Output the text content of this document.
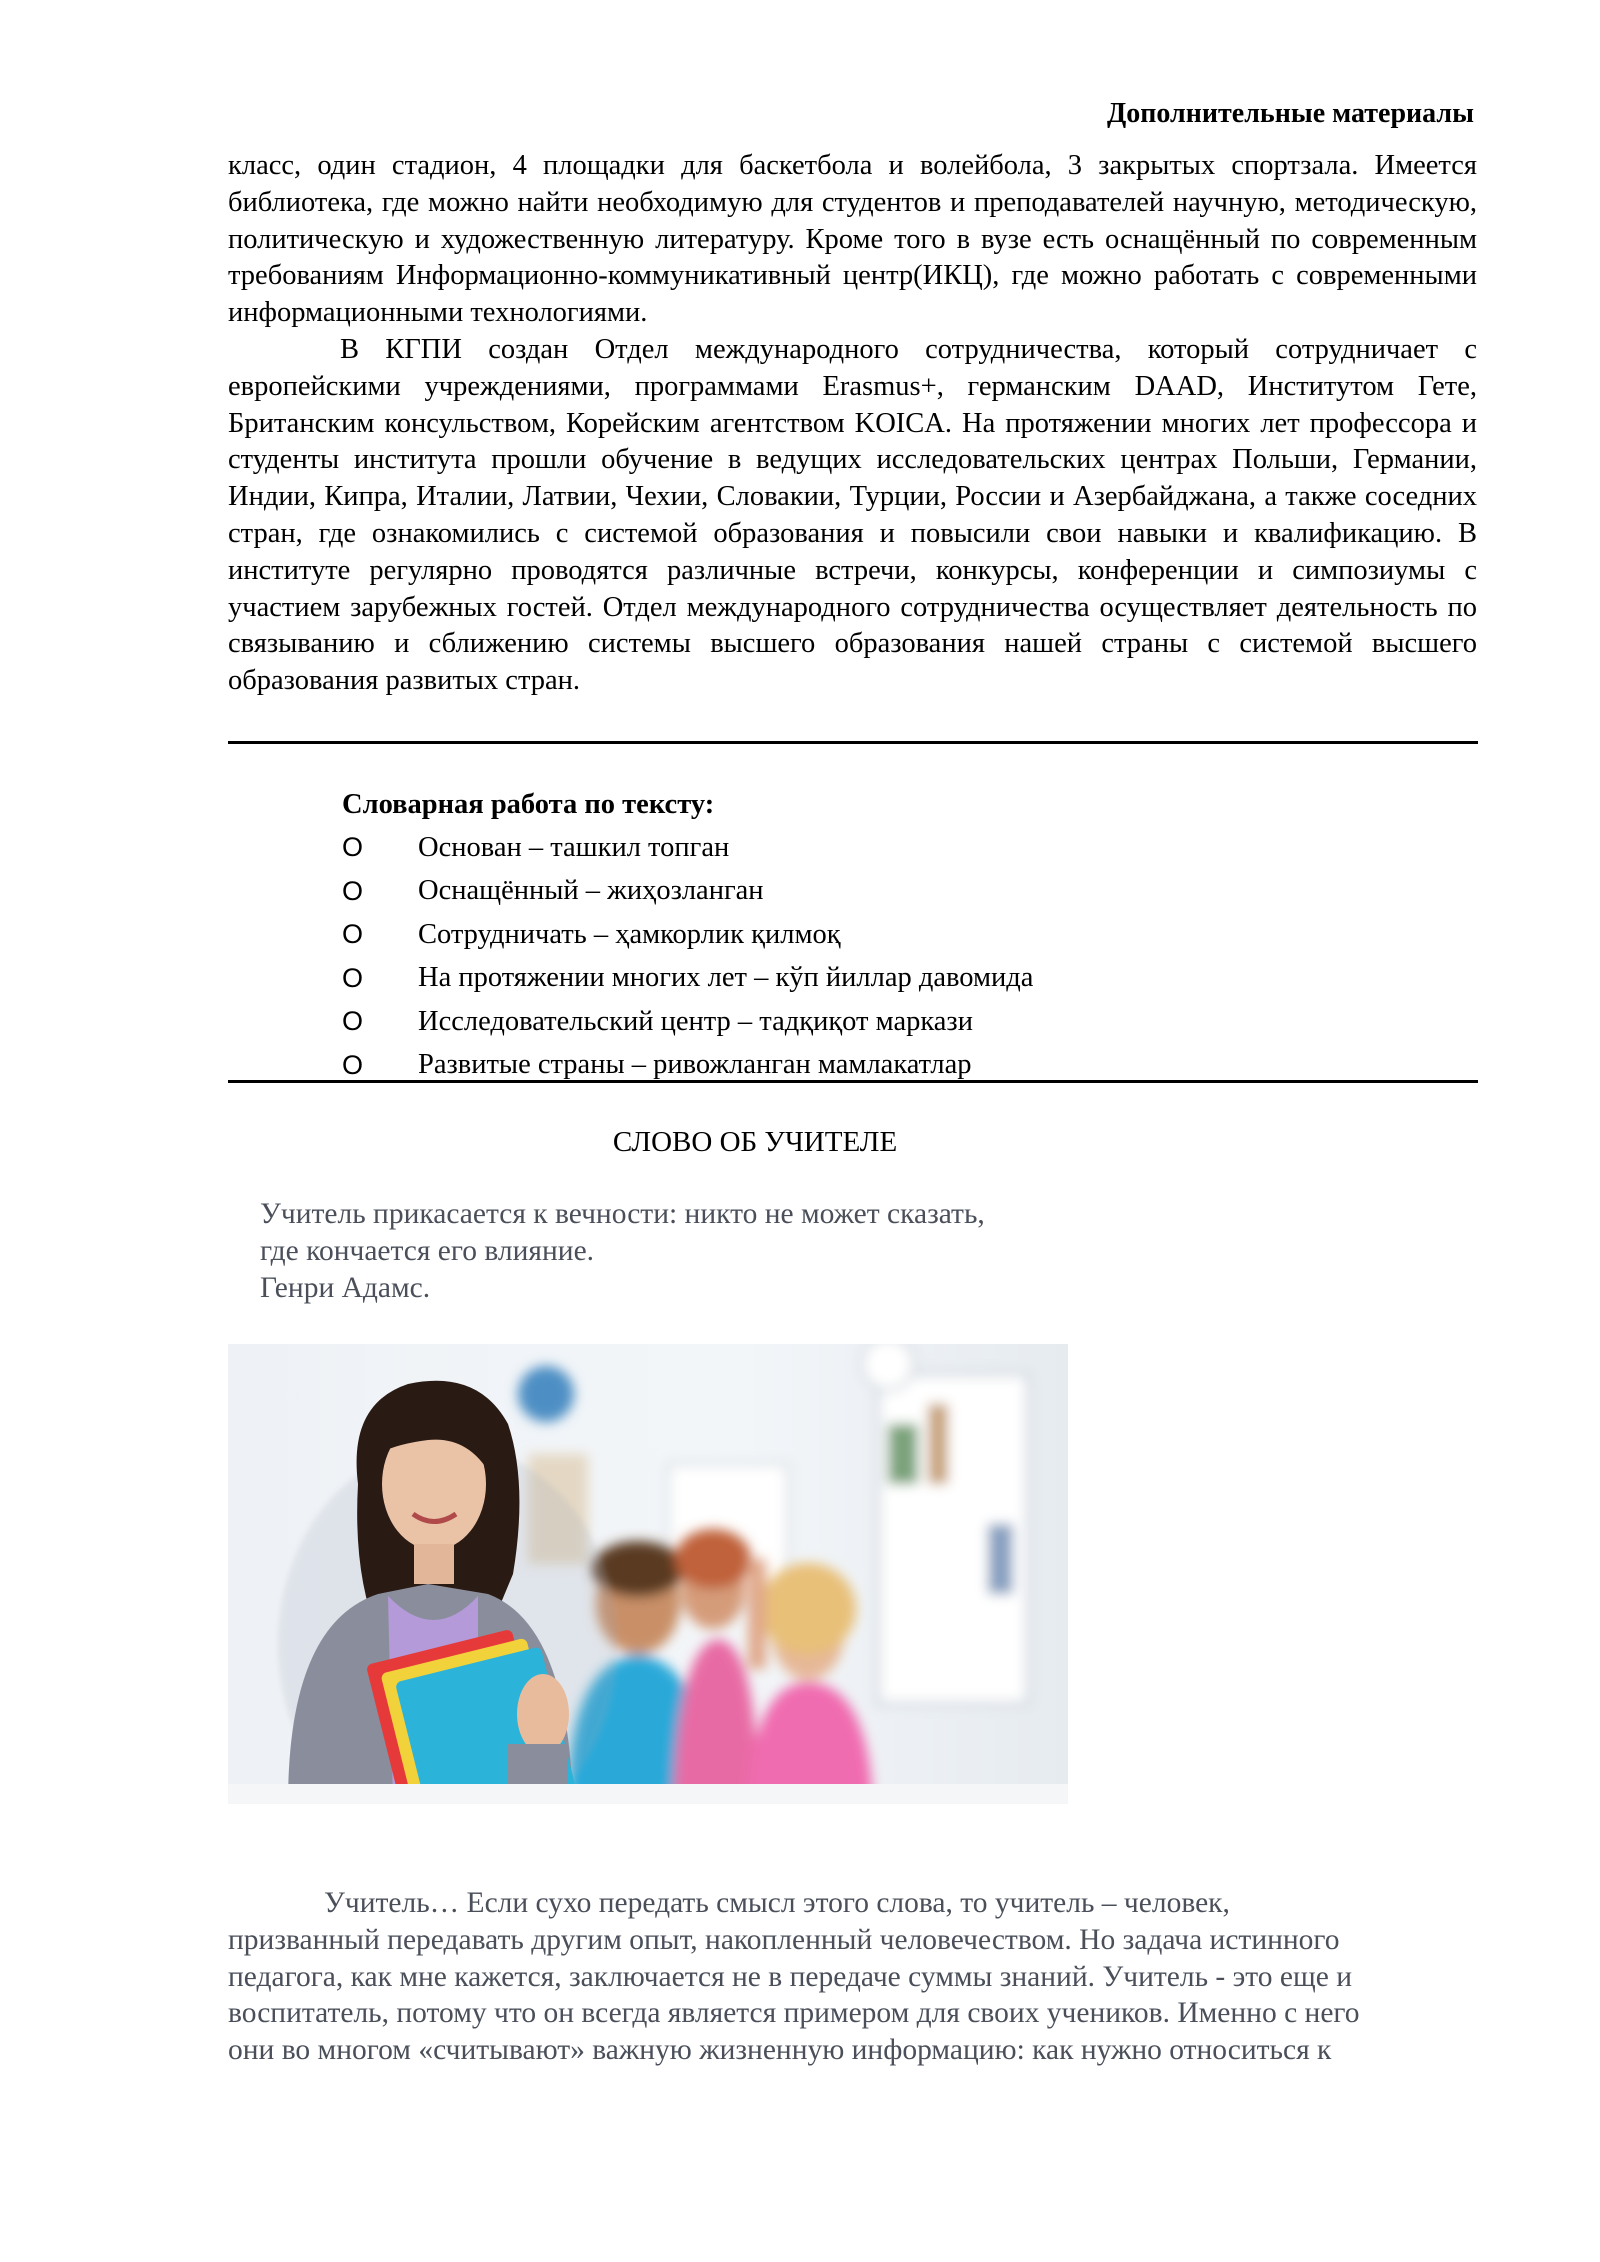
Дополнительные материалы

класс, один стадион, 4 площадки для баскетбола и волейбола, 3 закрытых спортзала. Имеется библиотека, где можно найти необходимую для студентов и преподавателей научную, методическую, политическую и художественную литературу. Кроме того в вузе есть оснащённый по современным требованиям Информационно-коммуникативный центр(ИКЦ), где можно работать с современными информационными технологиями.

В КГПИ создан Отдел международного сотрудничества, который сотрудничает с европейскими учреждениями, программами Erasmus+, германским DAAD, Институтом Гете, Британским консульством, Корейским агентством KOICA. На протяжении многих лет профессора и студенты института прошли обучение в ведущих исследовательских центрах Польши, Германии, Индии, Кипра, Италии, Латвии, Чехии, Словакии, Турции, России и Азербайджана, а также соседних стран, где ознакомились с системой образования и повысили свои навыки и квалификацию. В институте регулярно проводятся различные встречи, конкурсы, конференции и симпозиумы с участием зарубежных гостей. Отдел международного сотрудничества осуществляет деятельность по связыванию и сближению системы высшего образования нашей страны с системой высшего образования развитых стран.

Словарная работа по тексту:
O	Основан – ташкил топган
O	Оснащённый – жиҳозланган
O	Сотрудничать – ҳамкорлик қилмоқ
O	На протяжении многих лет – кўп йиллар давомида
O	Исследовательский центр – тадқиқот маркази
O	Развитые страны – ривожланган мамлакатлар
СЛОВО ОБ УЧИТЕЛЕ
Учитель прикасается к вечности: никто не может сказать,
где кончается его влияние.
Генри Адамс.
Учитель… Если сухо передать смысл этого слова, то учитель – человек,
призванный передавать другим опыт, накопленный человечеством. Но задача истинного
педагога, как мне кажется, заключается не в передаче суммы знаний. Учитель - это еще и
воспитатель, потому что он всегда является примером для своих учеников. Именно с него
они во многом «считывают» важную жизненную информацию: как нужно относиться к
